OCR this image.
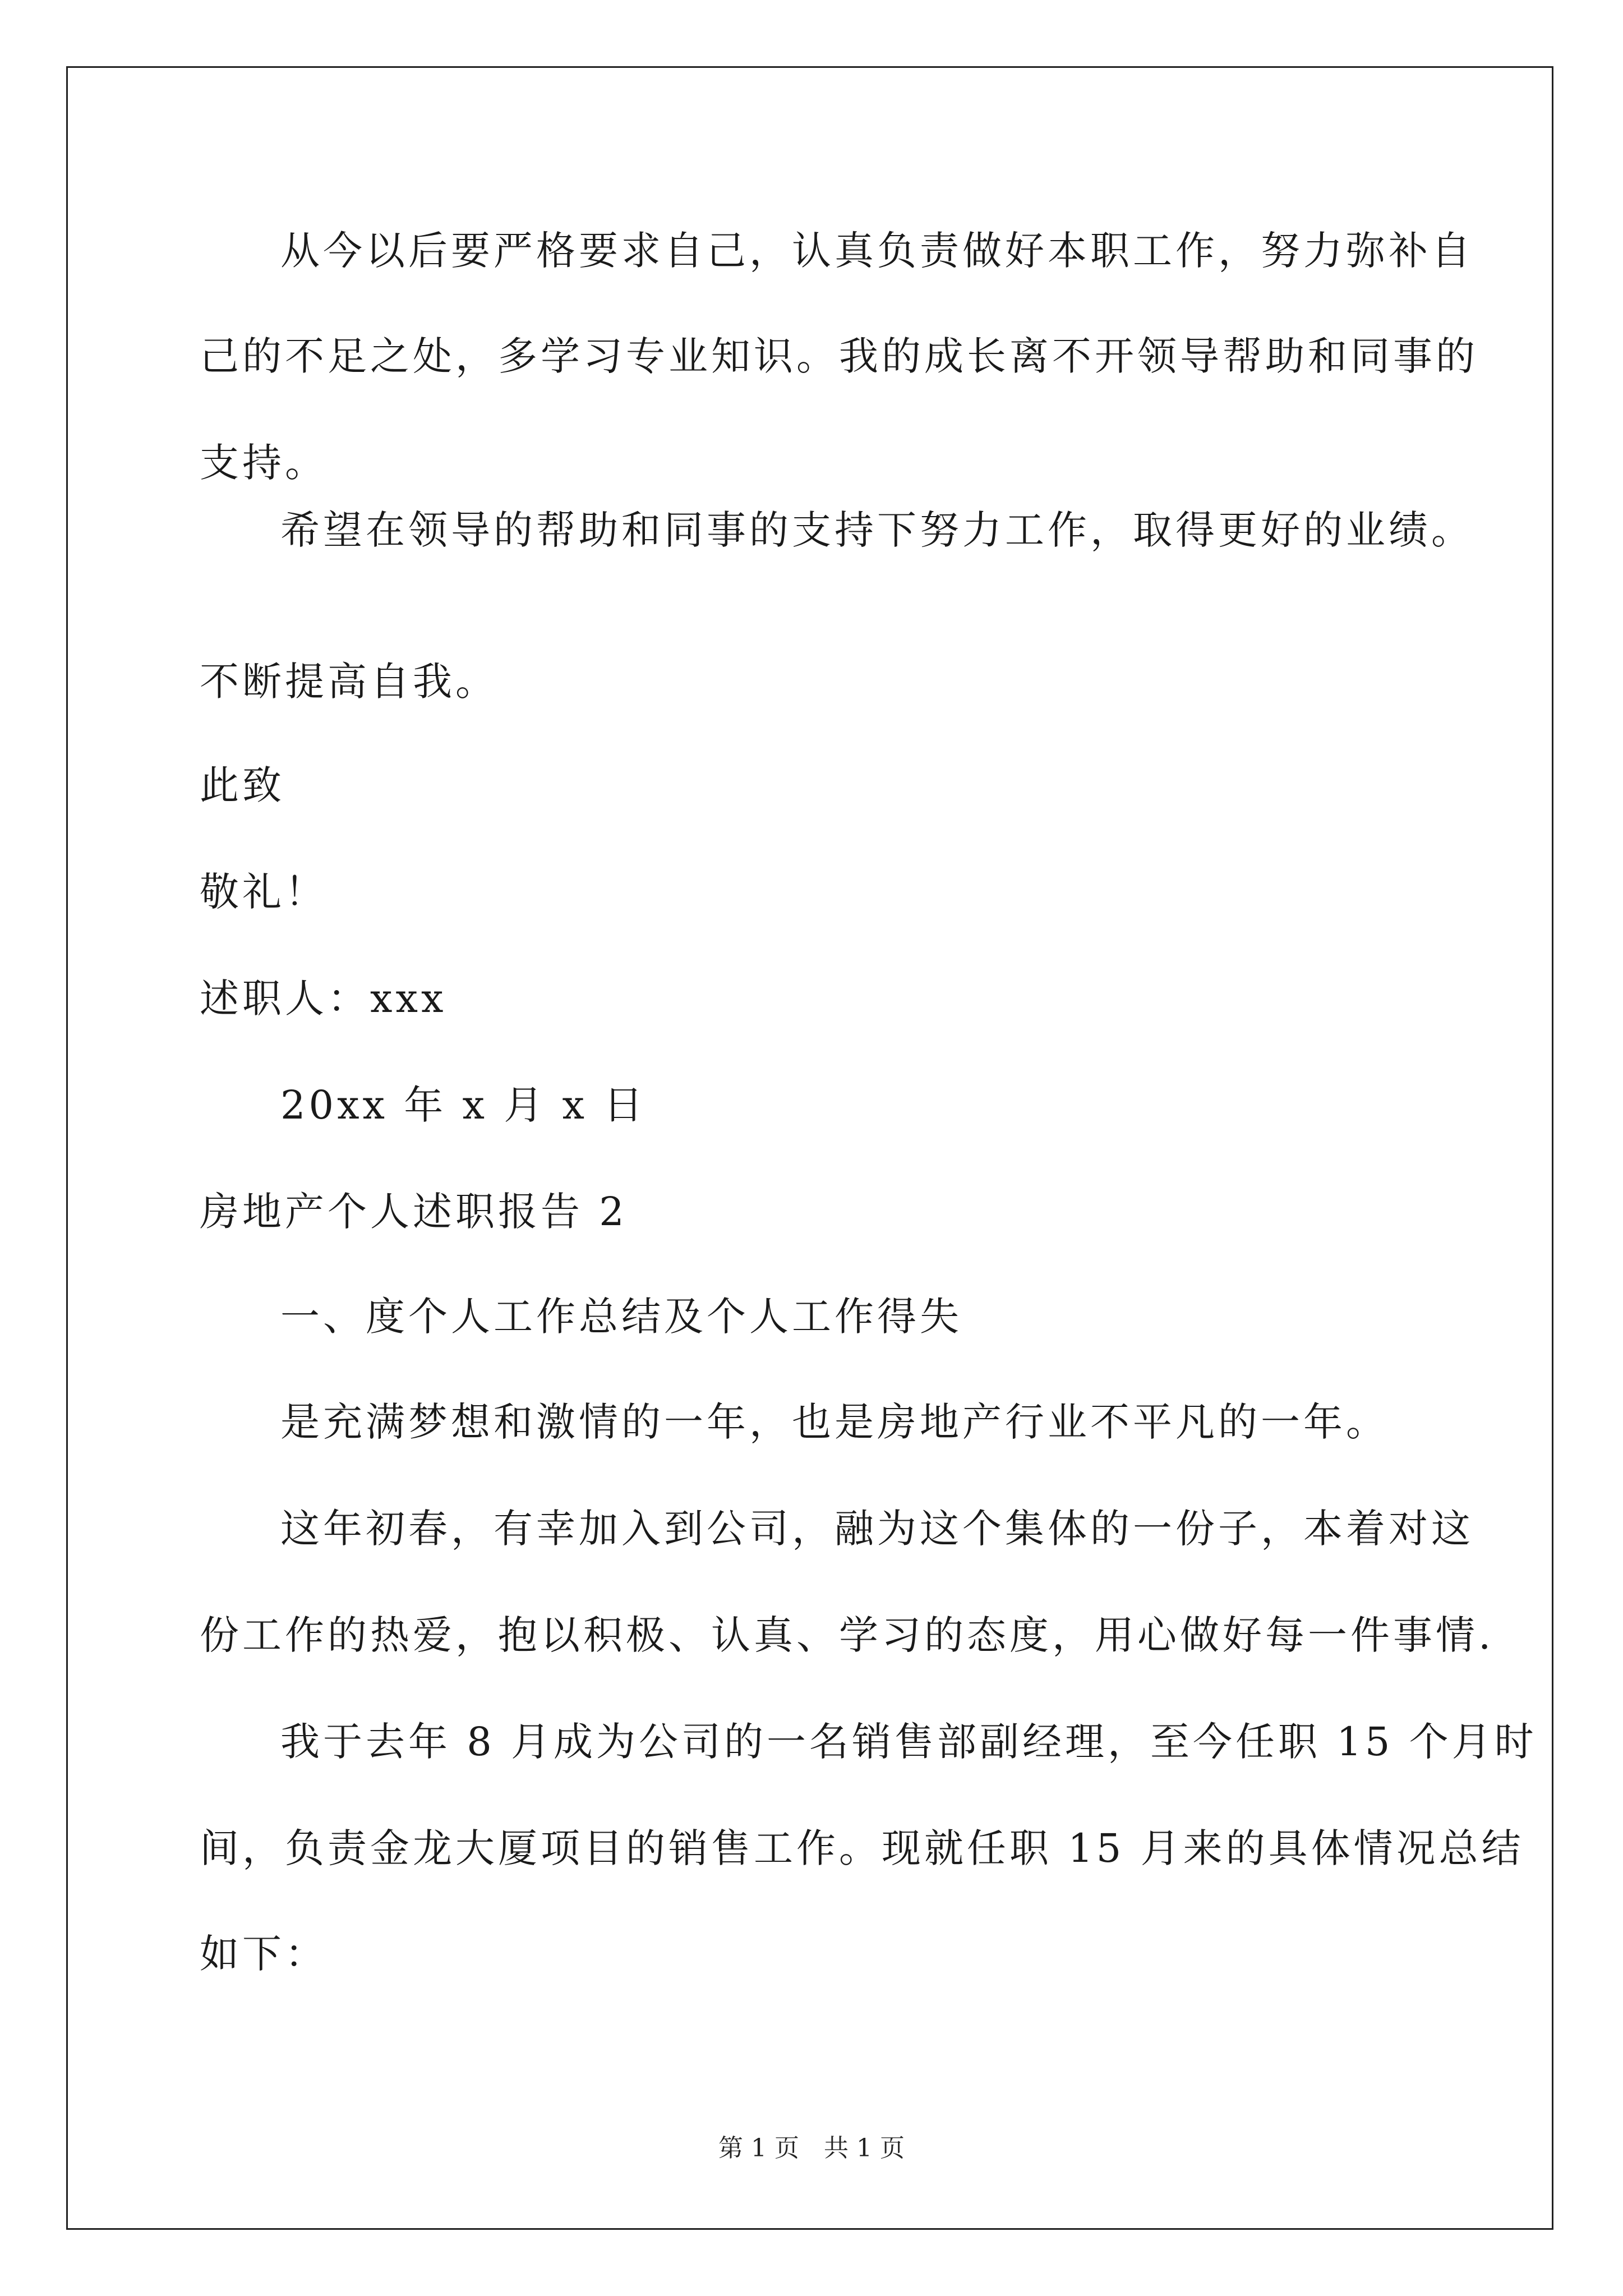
从今以后要严格要求自己，认真负责做好本职工作，努力弥补自
己的不足之处，多学习专业知识。我的成长离不开领导帮助和同事的
支持。
希望在领导的帮助和同事的支持下努力工作，取得更好的业绩。
不断提高自我。
此致
敬礼！
述职人：xxx
20xx 年 x 月 x 日
房地产个人述职报告 2
一、度个人工作总结及个人工作得失
是充满梦想和激情的一年，也是房地产行业不平凡的一年。
这年初春，有幸加入到公司，融为这个集体的一份子，本着对这
份工作的热爱，抱以积极、认真、学习的态度，用心做好每一件事情.
我于去年 8 月成为公司的一名销售部副经理，至今任职 15 个月时
间，负责金龙大厦项目的销售工作。现就任职 15 月来的具体情况总结
如下：
第 1 页　共 1 页
